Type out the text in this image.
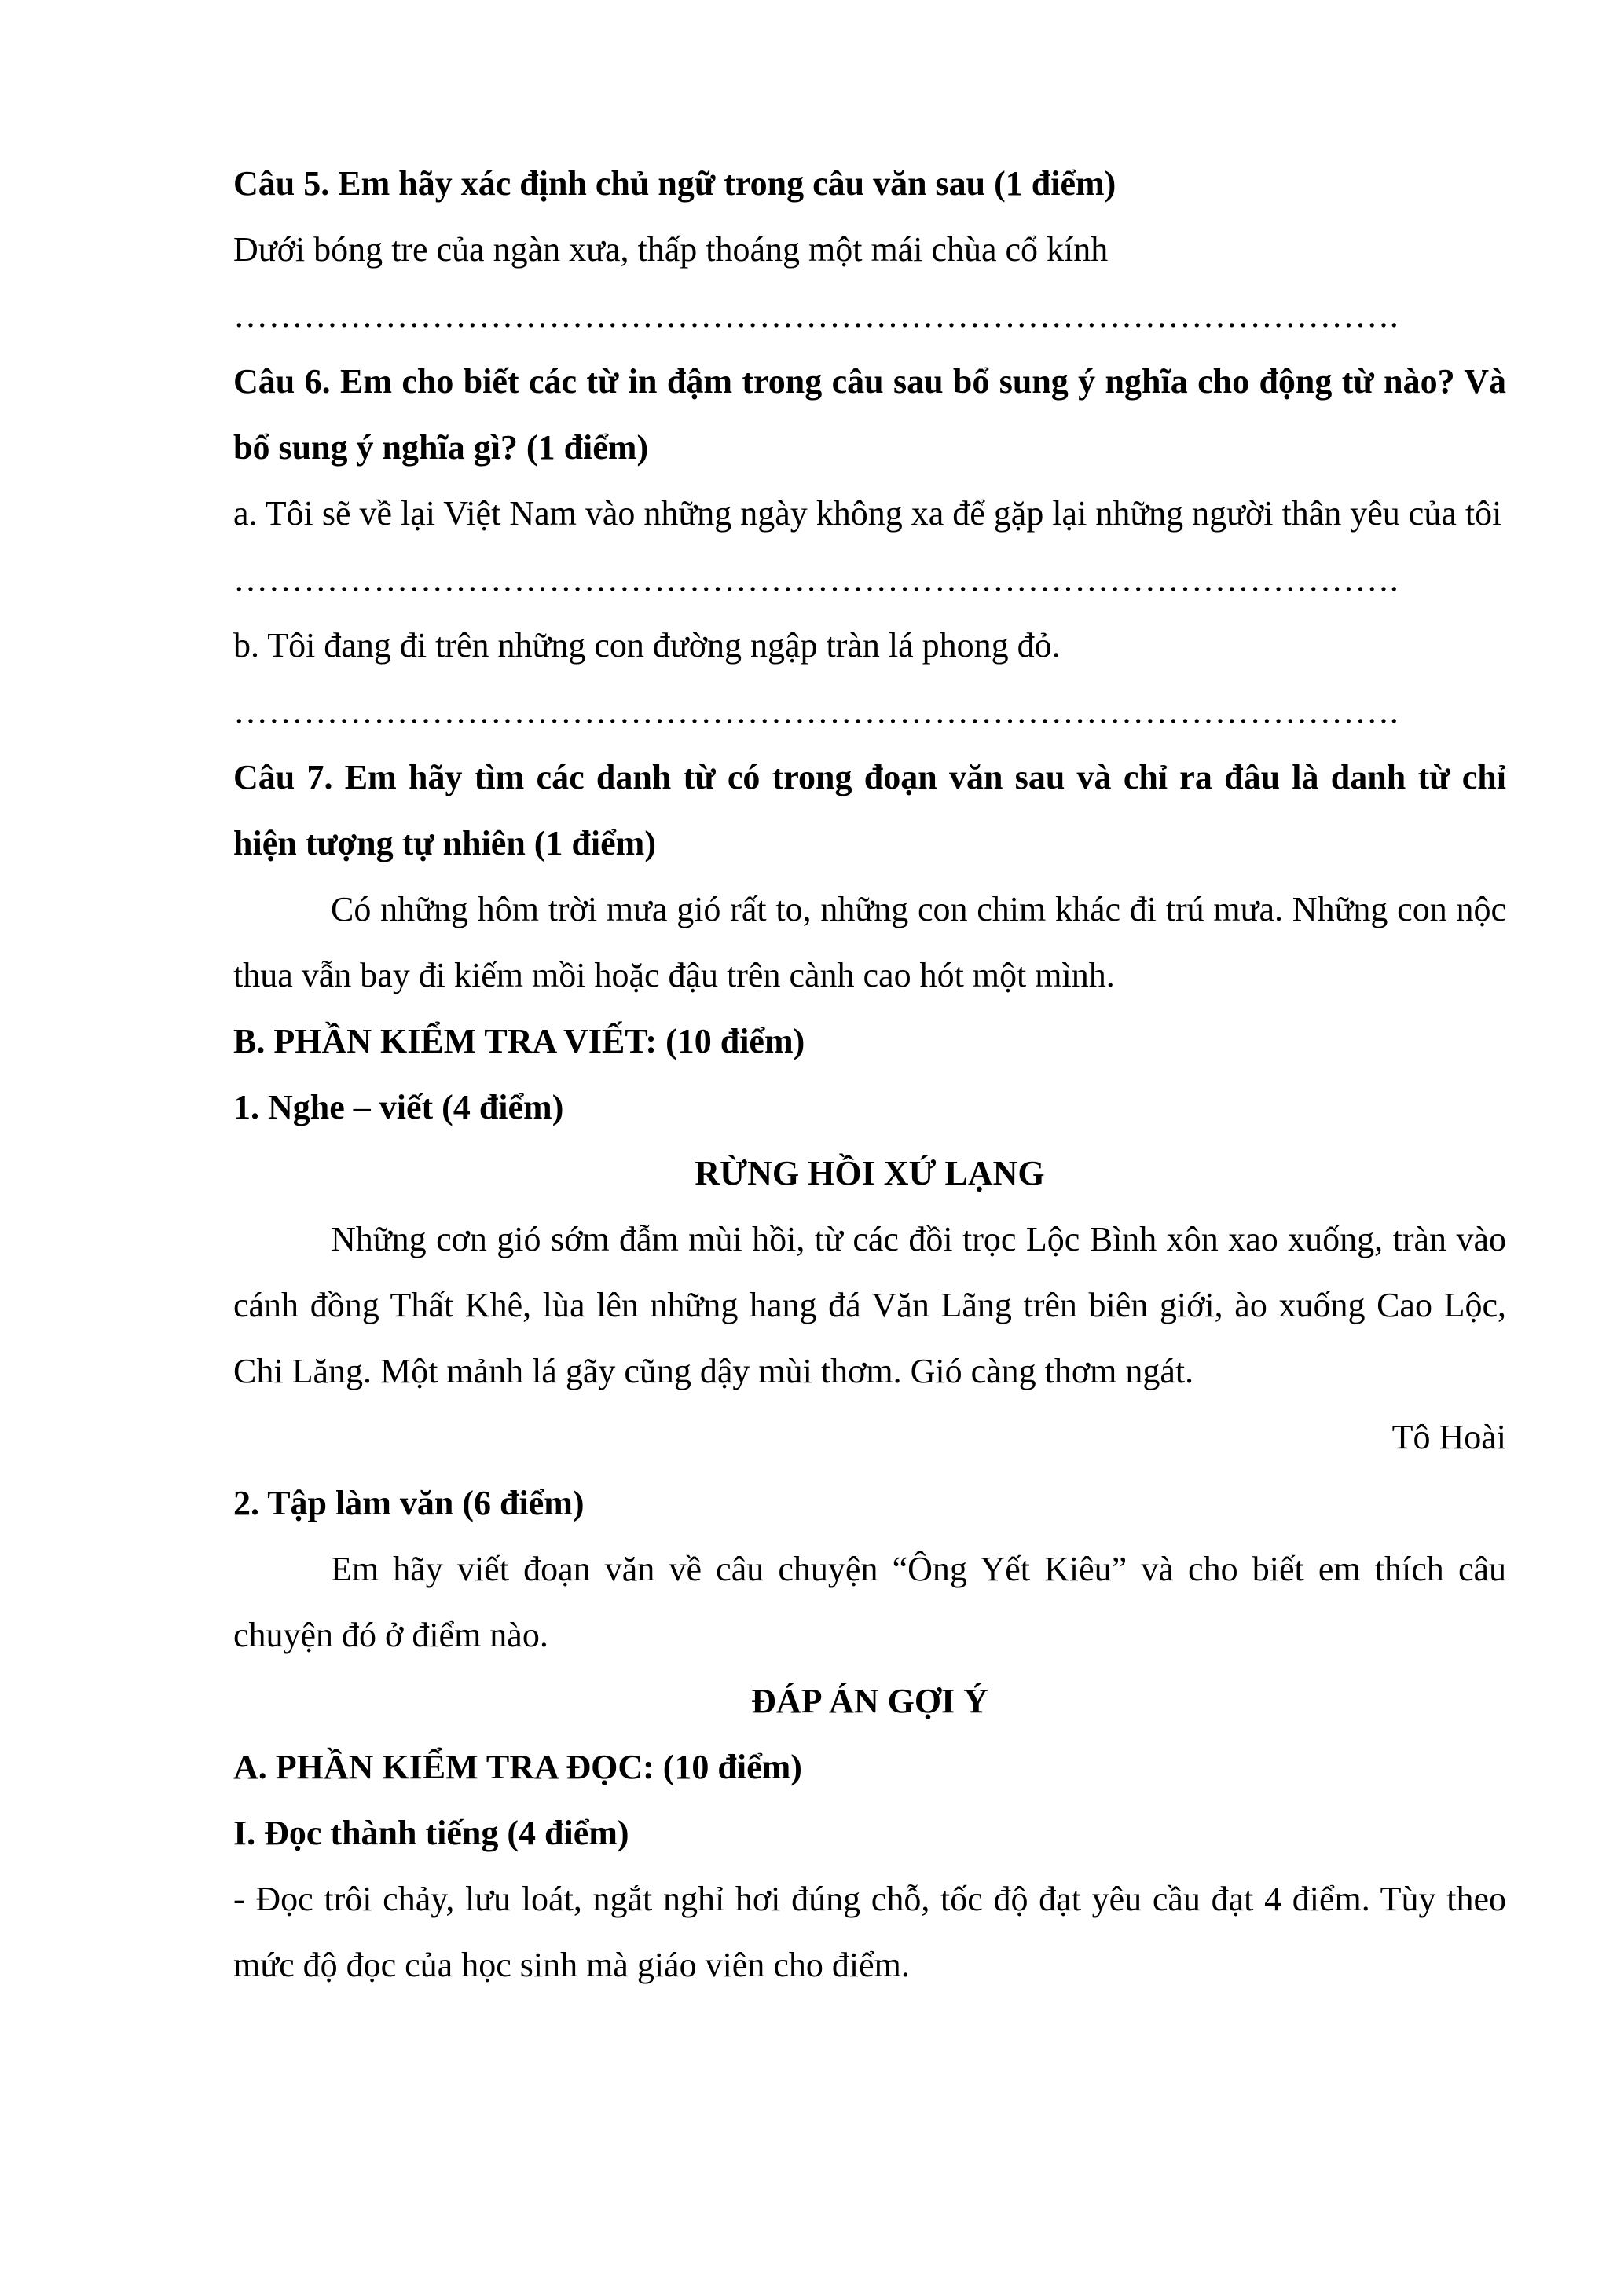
Câu 5. Em hãy xác định chủ ngữ trong câu văn sau (1 điểm)

Dưới bóng tre của ngàn xưa, thấp thoáng một mái chùa cổ kính

……………………………………………………………………………………….

Câu 6. Em cho biết các từ in đậm trong câu sau bổ sung ý nghĩa cho động từ nào? Và bổ sung ý nghĩa gì? (1 điểm)

a. Tôi sẽ về lại Việt Nam vào những ngày không xa để gặp lại những người thân yêu của tôi

……………………………………………………………………………………….

b. Tôi đang đi trên những con đường ngập tràn lá phong đỏ.

……………………………………………………………………………………….

Câu 7. Em hãy tìm các danh từ có trong đoạn văn sau và chỉ ra đâu là danh từ chỉ hiện tượng tự nhiên (1 điểm)

Có những hôm trời mưa gió rất to, những con chim khác đi trú mưa. Những con nộc thua vẫn bay đi kiếm mồi hoặc đậu trên cành cao hót một mình.

B. PHẦN KIỂM TRA VIẾT: (10 điểm)

1. Nghe – viết (4 điểm)

RỪNG HỒI XỨ LẠNG

Những cơn gió sớm đẫm mùi hồi, từ các đồi trọc Lộc Bình xôn xao xuống, tràn vào cánh đồng Thất Khê, lùa lên những hang đá Văn Lãng trên biên giới, ào xuống Cao Lộc, Chi Lăng. Một mảnh lá gãy cũng dậy mùi thơm. Gió càng thơm ngát.

Tô Hoài

2. Tập làm văn (6 điểm)

Em hãy viết đoạn văn về câu chuyện “Ông Yết Kiêu” và cho biết em thích câu chuyện đó ở điểm nào.

ĐÁP ÁN GỢI Ý

A. PHẦN KIỂM TRA ĐỌC: (10 điểm)

I. Đọc thành tiếng (4 điểm)

- Đọc trôi chảy, lưu loát, ngắt nghỉ hơi đúng chỗ, tốc độ đạt yêu cầu đạt 4 điểm. Tùy theo mức độ đọc của học sinh mà giáo viên cho điểm.
